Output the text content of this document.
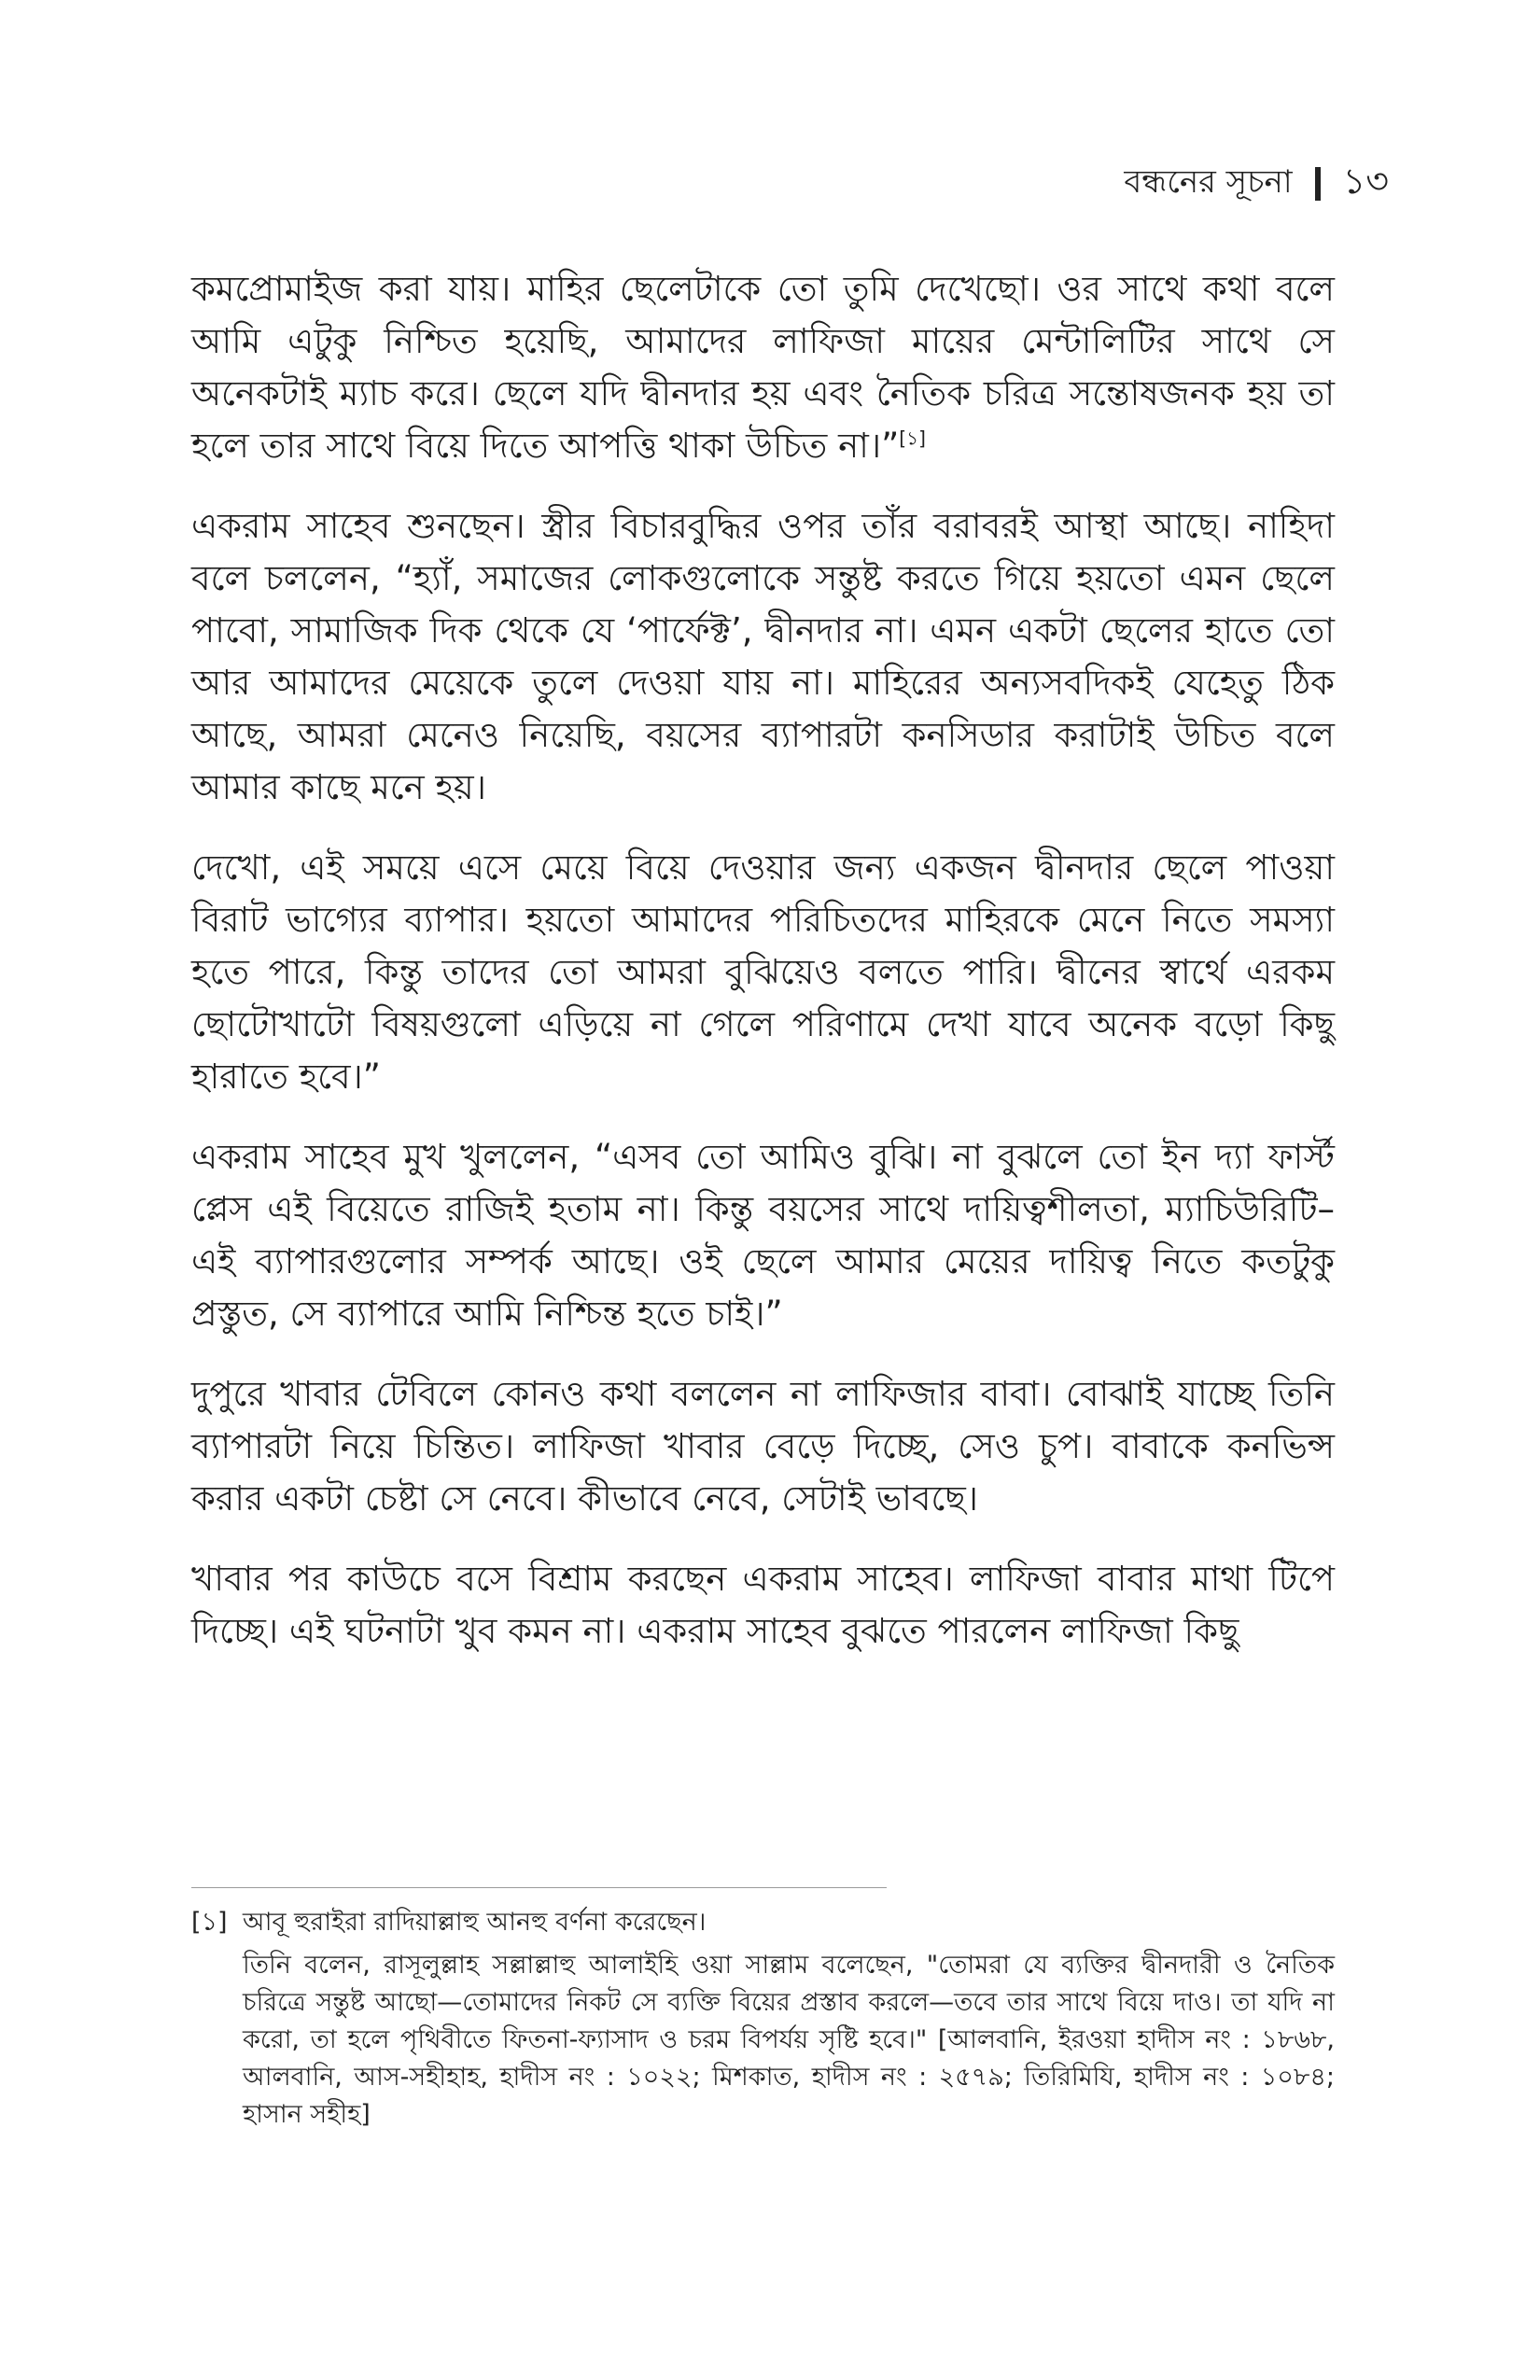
বন্ধনের সূচনা ১৩

কমপ্রোমাইজ করা যায়। মাহির ছেলেটাকে তো তুমি দেখেছো। ওর সাথে কথা বলে আমি এটুকু নিশ্চিত হয়েছি, আমাদের লাফিজা মায়ের মেন্টালিটির সাথে সে অনেকটাই ম্যাচ করে। ছেলে যদি দ্বীনদার হয় এবং নৈতিক চরিত্র সন্তোষজনক হয় তা হলে তার সাথে বিয়ে দিতে আপত্তি থাকা উচিত না।”[১]

একরাম সাহেব শুনছেন। স্ত্রীর বিচারবুদ্ধির ওপর তাঁর বরাবরই আস্থা আছে। নাহিদা বলে চললেন, “হ্যাঁ, সমাজের লোকগুলোকে সন্তুষ্ট করতে গিয়ে হয়তো এমন ছেলে পাবো, সামাজিক দিক থেকে যে ‘পার্ফেক্ট’, দ্বীনদার না। এমন একটা ছেলের হাতে তো আর আমাদের মেয়েকে তুলে দেওয়া যায় না। মাহিরের অন্যসবদিকই যেহেতু ঠিক আছে, আমরা মেনেও নিয়েছি, বয়সের ব্যাপারটা কনসিডার করাটাই উচিত বলে আমার কাছে মনে হয়।

দেখো, এই সময়ে এসে মেয়ে বিয়ে দেওয়ার জন্য একজন দ্বীনদার ছেলে পাওয়া বিরাট ভাগ্যের ব্যাপার। হয়তো আমাদের পরিচিতদের মাহিরকে মেনে নিতে সমস্যা হতে পারে, কিন্তু তাদের তো আমরা বুঝিয়েও বলতে পারি। দ্বীনের স্বার্থে এরকম ছোটোখাটো বিষয়গুলো এড়িয়ে না গেলে পরিণামে দেখা যাবে অনেক বড়ো কিছু হারাতে হবে।”

একরাম সাহেব মুখ খুললেন, “এসব তো আমিও বুঝি। না বুঝলে তো ইন দ্যা ফার্স্ট প্লেস এই বিয়েতে রাজিই হতাম না। কিন্তু বয়সের সাথে দায়িত্বশীলতা, ম্যাচিউরিটি– এই ব্যাপারগুলোর সম্পর্ক আছে। ওই ছেলে আমার মেয়ের দায়িত্ব নিতে কতটুকু প্রস্তুত, সে ব্যাপারে আমি নিশ্চিন্ত হতে চাই।”

দুপুরে খাবার টেবিলে কোনও কথা বললেন না লাফিজার বাবা। বোঝাই যাচ্ছে তিনি ব্যাপারটা নিয়ে চিন্তিত। লাফিজা খাবার বেড়ে দিচ্ছে, সেও চুপ। বাবাকে কনভিন্স করার একটা চেষ্টা সে নেবে। কীভাবে নেবে, সেটাই ভাবছে।

খাবার পর কাউচে বসে বিশ্রাম করছেন একরাম সাহেব। লাফিজা বাবার মাথা টিপে দিচ্ছে। এই ঘটনাটা খুব কমন না। একরাম সাহেব বুঝতে পারলেন লাফিজা কিছু

[১] আবূ হুরাইরা রাদিয়াল্লাহু আনহু বর্ণনা করেছেন।
তিনি বলেন, রাসূলুল্লাহ সল্লাল্লাহু আলাইহি ওয়া সাল্লাম বলেছেন, "তোমরা যে ব্যক্তির দ্বীনদারী ও নৈতিক চরিত্রে সন্তুষ্ট আছো—তোমাদের নিকট সে ব্যক্তি বিয়ের প্রস্তাব করলে—তবে তার সাথে বিয়ে দাও। তা যদি না করো, তা হলে পৃথিবীতে ফিতনা-ফ্যাসাদ ও চরম বিপর্যয় সৃষ্টি হবে।" [আলবানি, ইরওয়া হাদীস নং : ১৮৬৮, আলবানি, আস-সহীহাহ, হাদীস নং : ১০২২; মিশকাত, হাদীস নং : ২৫৭৯; তিরিমিযি, হাদীস নং : ১০৮৪; হাসান সহীহ]
